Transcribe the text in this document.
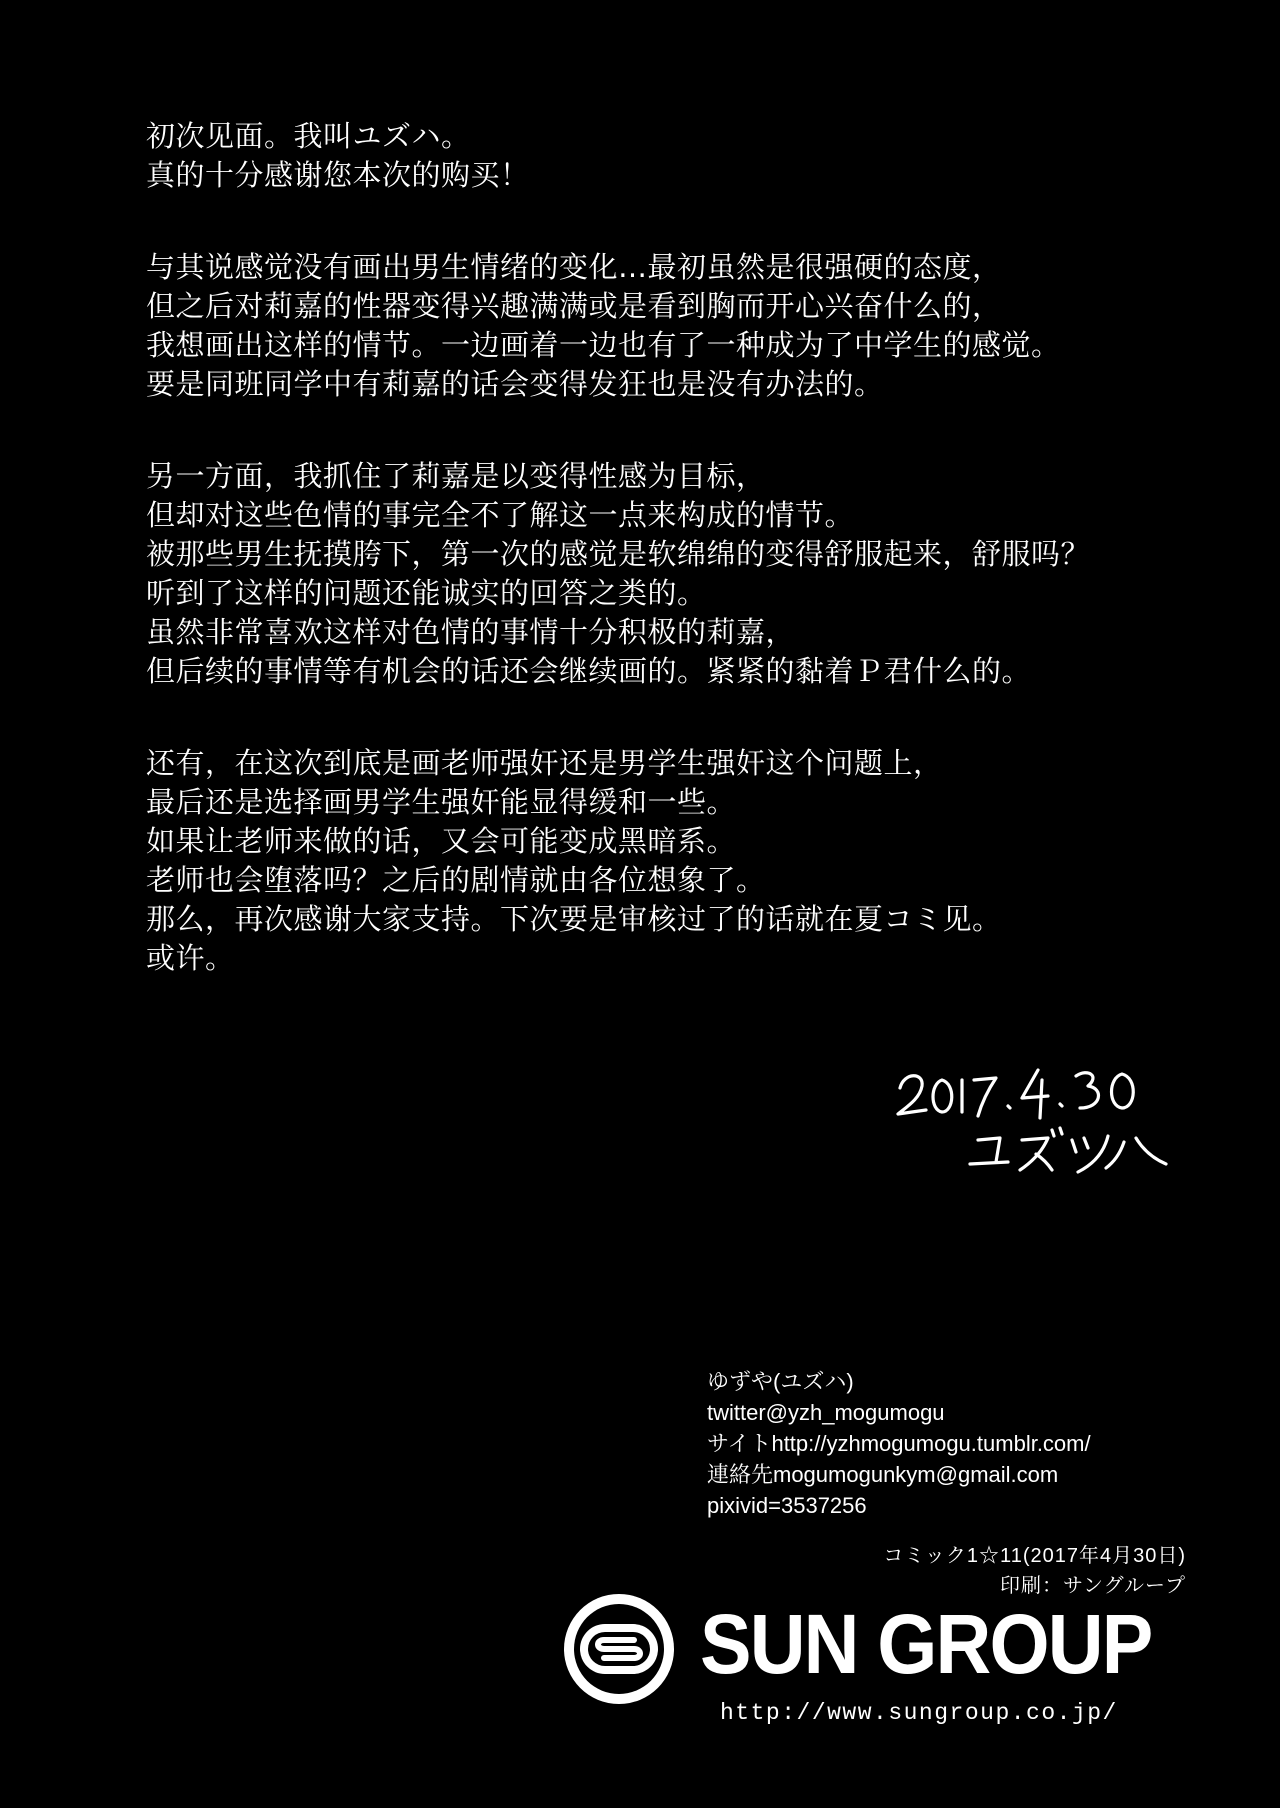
初次见面。我叫ユズハ。
真的十分感谢您本次的购买！
与其说感觉没有画出男生情绪的变化…最初虽然是很强硬的态度，
但之后对莉嘉的性器变得兴趣满满或是看到胸而开心兴奋什么的，
我想画出这样的情节。一边画着一边也有了一种成为了中学生的感觉。
要是同班同学中有莉嘉的话会变得发狂也是没有办法的。
另一方面，我抓住了莉嘉是以变得性感为目标，
但却对这些色情的事完全不了解这一点来构成的情节。
被那些男生抚摸胯下，第一次的感觉是软绵绵的变得舒服起来，舒服吗？
听到了这样的问题还能诚实的回答之类的。
虽然非常喜欢这样对色情的事情十分积极的莉嘉，
但后续的事情等有机会的话还会继续画的。紧紧的黏着Ｐ君什么的。
还有，在这次到底是画老师强奸还是男学生强奸这个问题上，
最后还是选择画男学生强奸能显得缓和一些。
如果让老师来做的话，又会可能变成黑暗系。
老师也会堕落吗？之后的剧情就由各位想象了。
那么，再次感谢大家支持。下次要是审核过了的话就在夏コミ见。
或许。
ゆずや(ユズハ)
twitter@yzh_mogumogu
サイトhttp://yzhmogumogu.tumblr.com/
連絡先mogumogunkym@gmail.com
pixivid=3537256
コミック1☆11(2017年4月30日)
印刷：サングループ
SUN GROUP
http://www.sungroup.co.jp/
